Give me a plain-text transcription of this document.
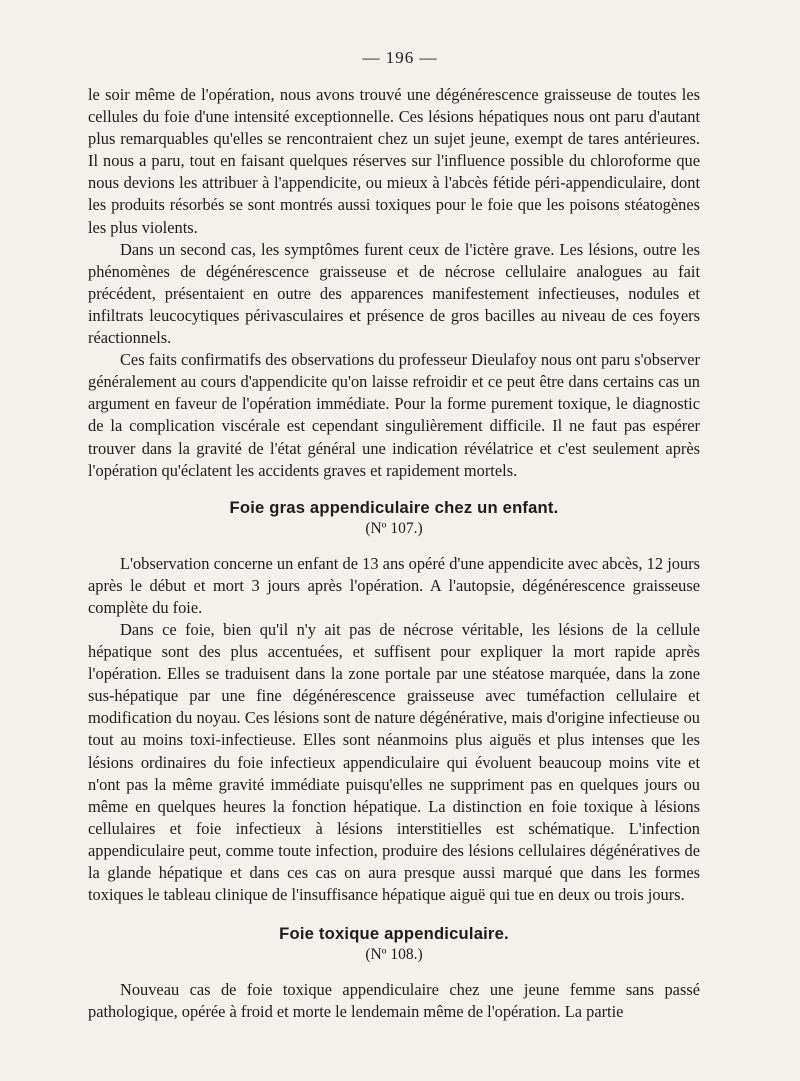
— 196 —

le soir même de l'opération, nous avons trouvé une dégénérescence graisseuse de toutes les cellules du foie d'une intensité exceptionnelle. Ces lésions hépatiques nous ont paru d'autant plus remarquables qu'elles se rencontraient chez un sujet jeune, exempt de tares antérieures. Il nous a paru, tout en faisant quelques réserves sur l'influence possible du chloroforme que nous devions les attribuer à l'appendicite, ou mieux à l'abcès fétide péri-appendiculaire, dont les produits résorbés se sont montrés aussi toxiques pour le foie que les poisons stéatogènes les plus violents.

Dans un second cas, les symptômes furent ceux de l'ictère grave. Les lésions, outre les phénomènes de dégénérescence graisseuse et de nécrose cellulaire analogues au fait précédent, présentaient en outre des apparences manifestement infectieuses, nodules et infiltrats leucocytiques périvasculaires et présence de gros bacilles au niveau de ces foyers réactionnels.

Ces faits confirmatifs des observations du professeur Dieulafoy nous ont paru s'observer généralement au cours d'appendicite qu'on laisse refroidir et ce peut être dans certains cas un argument en faveur de l'opération immédiate. Pour la forme purement toxique, le diagnostic de la complication viscérale est cependant singulièrement difficile. Il ne faut pas espérer trouver dans la gravité de l'état général une indication révélatrice et c'est seulement après l'opération qu'éclatent les accidents graves et rapidement mortels.

Foie gras appendiculaire chez un enfant.

(Nº 107.)

L'observation concerne un enfant de 13 ans opéré d'une appendicite avec abcès, 12 jours après le début et mort 3 jours après l'opération. A l'autopsie, dégénérescence graisseuse complète du foie.

Dans ce foie, bien qu'il n'y ait pas de nécrose véritable, les lésions de la cellule hépatique sont des plus accentuées, et suffisent pour expliquer la mort rapide après l'opération. Elles se traduisent dans la zone portale par une stéatose marquée, dans la zone sus-hépatique par une fine dégénérescence graisseuse avec tuméfaction cellulaire et modification du noyau. Ces lésions sont de nature dégénérative, mais d'origine infectieuse ou tout au moins toxi-infectieuse. Elles sont néanmoins plus aiguës et plus intenses que les lésions ordinaires du foie infectieux appendiculaire qui évoluent beaucoup moins vite et n'ont pas la même gravité immédiate puisqu'elles ne suppriment pas en quelques jours ou même en quelques heures la fonction hépatique. La distinction en foie toxique à lésions cellulaires et foie infectieux à lésions interstitielles est schématique. L'infection appendiculaire peut, comme toute infection, produire des lésions cellulaires dégénératives de la glande hépatique et dans ces cas on aura presque aussi marqué que dans les formes toxiques le tableau clinique de l'insuffisance hépatique aiguë qui tue en deux ou trois jours.

Foie toxique appendiculaire.

(Nº 108.)

Nouveau cas de foie toxique appendiculaire chez une jeune femme sans passé pathologique, opérée à froid et morte le lendemain même de l'opération. La partie
